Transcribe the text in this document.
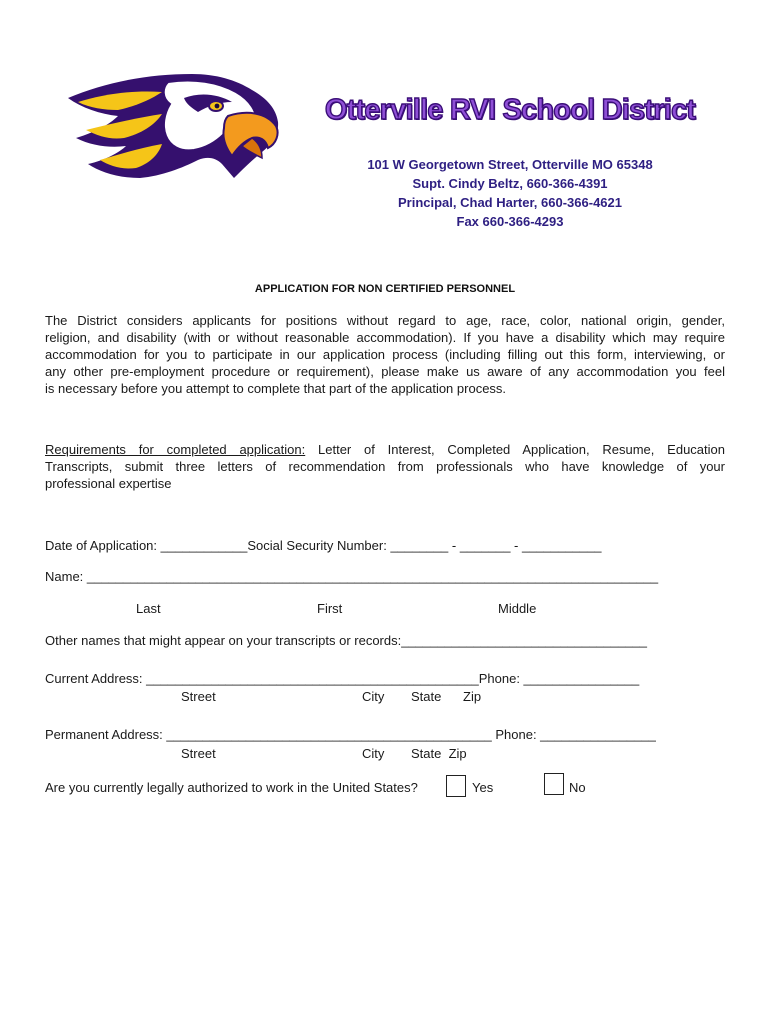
Otterville RVI School District
101 W Georgetown Street, Otterville MO 65348
Supt. Cindy Beltz, 660-366-4391
Principal, Chad Harter, 660-366-4621
Fax 660-366-4293
APPLICATION FOR NON CERTIFIED PERSONNEL
The District considers applicants for positions without regard to age, race, color, national origin, gender,
religion, and disability (with or without reasonable accommodation). If you have a disability which may require
accommodation for you to participate in our application process (including filling out this form, interviewing, or
any other pre-employment procedure or requirement), please make us aware of any accommodation you feel
is necessary before you attempt to complete that part of the application process.
Requirements for completed application: Letter of Interest, Completed Application, Resume, Education
Transcripts, submit three letters of recommendation from professionals who have knowledge of your
professional expertise
Date of Application: ____________Social Security Number: ________ - _______ - ___________
Name: _______________________________________________________________________________
Last	First	Middle
Other names that might appear on your transcripts or records:__________________________________
Current Address: ______________________________________________Phone: ________________
Street	City State Zip
Permanent Address: _____________________________________________ Phone: ________________
Street	City State  Zip
Are you currently legally authorized to work in the United States?	Yes	No
